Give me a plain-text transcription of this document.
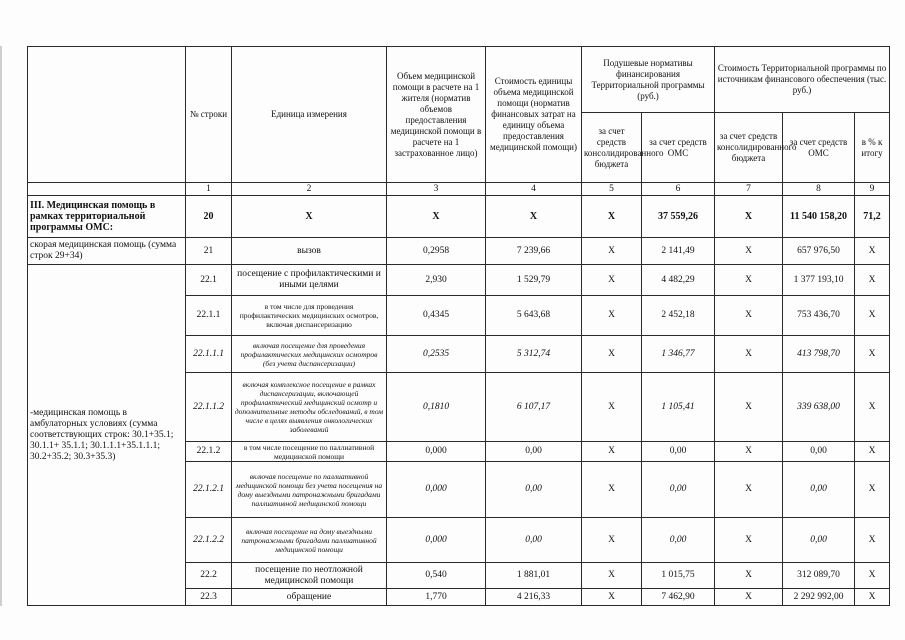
	№ строки	Единица измерения	Объем медицинской помощи в расчете на 1 жителя (норматив объемов предоставления медицинской помощи в расчете на 1 застрахованное лицо)	Стоимость единицы объема медицинской помощи (норматив финансовых затрат на единицу объема предоставления медицинской помощи)	Подушевые нормативы финансирования Территориальной программы (руб.)		Стоимость Территориальной программы по источникам финансового обеспечения (тыс. руб.)		
					за счет средств консолидированного бюджета	за счет средств ОМС	за счет средств консолидированного бюджета	за счет средств ОМС	в % к итогу
	1	2	3	4	5	6	7	8	9
III. Медицинская помощь в рамках территориальной программы ОМС:	20	X	X	X	X	37 559,26	X	11 540 158,20	71,2
скорая медицинская помощь (сумма строк 29+34)	21	вызов	0,2958	7 239,66	X	2 141,49	X	657 976,50	X
-медицинская помощь в амбулаторных условиях (сумма соответствующих строк: 30.1+35.1; 30.1.1+ 35.1.1; 30.1.1.1+35.1.1.1; 30.2+35.2; 30.3+35.3)	22.1	посещение с профилактическими и иными целями	2,930	1 529,79	X	4 482,29	X	1 377 193,10	X
	22.1.1	в том числе для проведения профилактических медицинских осмотров, включая диспансеризацию	0,4345	5 643,68	X	2 452,18	X	753 436,70	X
	22.1.1.1	включая посещение для проведения профилактических медицинских осмотров (без учета диспансеризации)	0,2535	5 312,74	X	1 346,77	X	413 798,70	X
	22.1.1.2	включая комплексное посещение в рамках диспансеризации, включающей профилактический медицинский осмотр и дополнительные методы обследований, в том числе в целях выявления онкологических заболеваний	0,1810	6 107,17	X	1 105,41	X	339 638,00	X
	22.1.2	в том числе посещение по паллиативной медицинской помощи	0,000	0,00	X	0,00	X	0,00	X
	22.1.2.1	включая посещение по паллиативной медицинской помощи без учета посещения на дому выездными патронажными бригадами паллиативной медицинской помощи	0,000	0,00	X	0,00	X	0,00	X
	22.1.2.2	включая посещение на дому выездными патронажными бригадами паллиативной медицинской помощи	0,000	0,00	X	0,00	X	0,00	X
	22.2	посещение по неотложной медицинской помощи	0,540	1 881,01	X	1 015,75	X	312 089,70	X
	22.3	обращение	1,770	4 216,33	X	7 462,90	X	2 292 992,00	X
